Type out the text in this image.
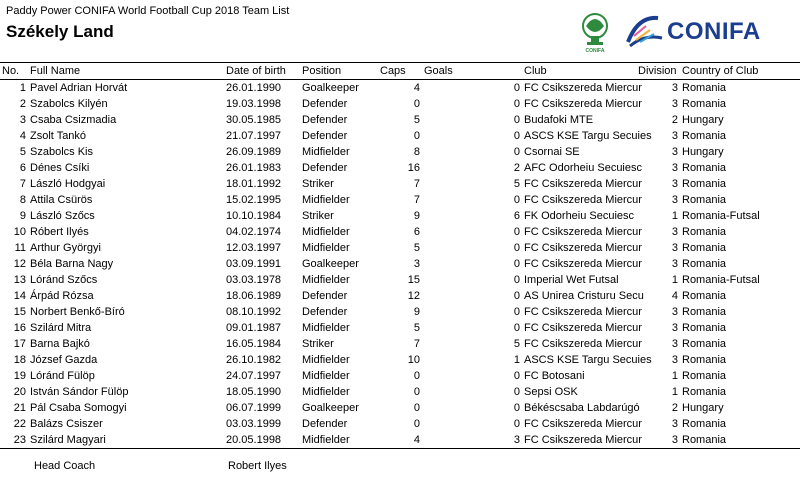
Paddy Power CONIFA World Football Cup 2018 Team List
Székely Land
CONIFA
CONIFA
No.	Full Name	Date of birth	Position	Caps	Goals	Club	Division	Country of Club
1	Pavel Adrian Horvát	26.01.1990	Goalkeeper	4	0	FC Csikszereda Miercur	3	Romania
2	Szabolcs Kilyén	19.03.1998	Defender	0	0	FC Csikszereda Miercur	3	Romania
3	Csaba Csizmadia	30.05.1985	Defender	5	0	Budafoki MTE	2	Hungary
4	Zsolt Tankó	21.07.1997	Defender	0	0	ASCS KSE Targu Secuies	3	Romania
5	Szabolcs Kis	26.09.1989	Midfielder	8	0	Csornai SE	3	Hungary
6	Dénes Csíki	26.01.1983	Defender	16	2	AFC Odorheiu Secuiesc	3	Romania
7	László Hodgyai	18.01.1992	Striker	7	5	FC Csikszereda Miercur	3	Romania
8	Attila Csürös	15.02.1995	Midfielder	7	0	FC Csikszereda Miercur	3	Romania
9	László Szőcs	10.10.1984	Striker	9	6	FK Odorheiu Secuiesc	1	Romania-Futsal
10	Róbert Ilyés	04.02.1974	Midfielder	6	0	FC Csikszereda Miercur	3	Romania
11	Arthur Györgyi	12.03.1997	Midfielder	5	0	FC Csikszereda Miercur	3	Romania
12	Béla Barna Nagy	03.09.1991	Goalkeeper	3	0	FC Csikszereda Miercur	3	Romania
13	Lóránd Szőcs	03.03.1978	Midfielder	15	0	Imperial Wet Futsal	1	Romania-Futsal
14	Árpád Rózsa	18.06.1989	Defender	12	0	AS Unirea Cristuru Secu	4	Romania
15	Norbert Benkő-Bíró	08.10.1992	Defender	9	0	FC Csikszereda Miercur	3	Romania
16	Szilárd Mitra	09.01.1987	Midfielder	5	0	FC Csikszereda Miercur	3	Romania
17	Barna Bajkó	16.05.1984	Striker	7	5	FC Csikszereda Miercur	3	Romania
18	József Gazda	26.10.1982	Midfielder	10	1	ASCS KSE Targu Secuies	3	Romania
19	Lóránd Fülöp	24.07.1997	Midfielder	0	0	FC Botosani	1	Romania
20	István Sándor Fülöp	18.05.1990	Midfielder	0	0	Sepsi OSK	1	Romania
21	Pál Csaba Somogyi	06.07.1999	Goalkeeper	0	0	Békéscsaba Labdarúgó	2	Hungary
22	Balázs Csiszer	03.03.1999	Defender	0	0	FC Csikszereda Miercur	3	Romania
23	Szilárd Magyari	20.05.1998	Midfielder	4	3	FC Csikszereda Miercur	3	Romania
Head Coach	Robert Ilyes
